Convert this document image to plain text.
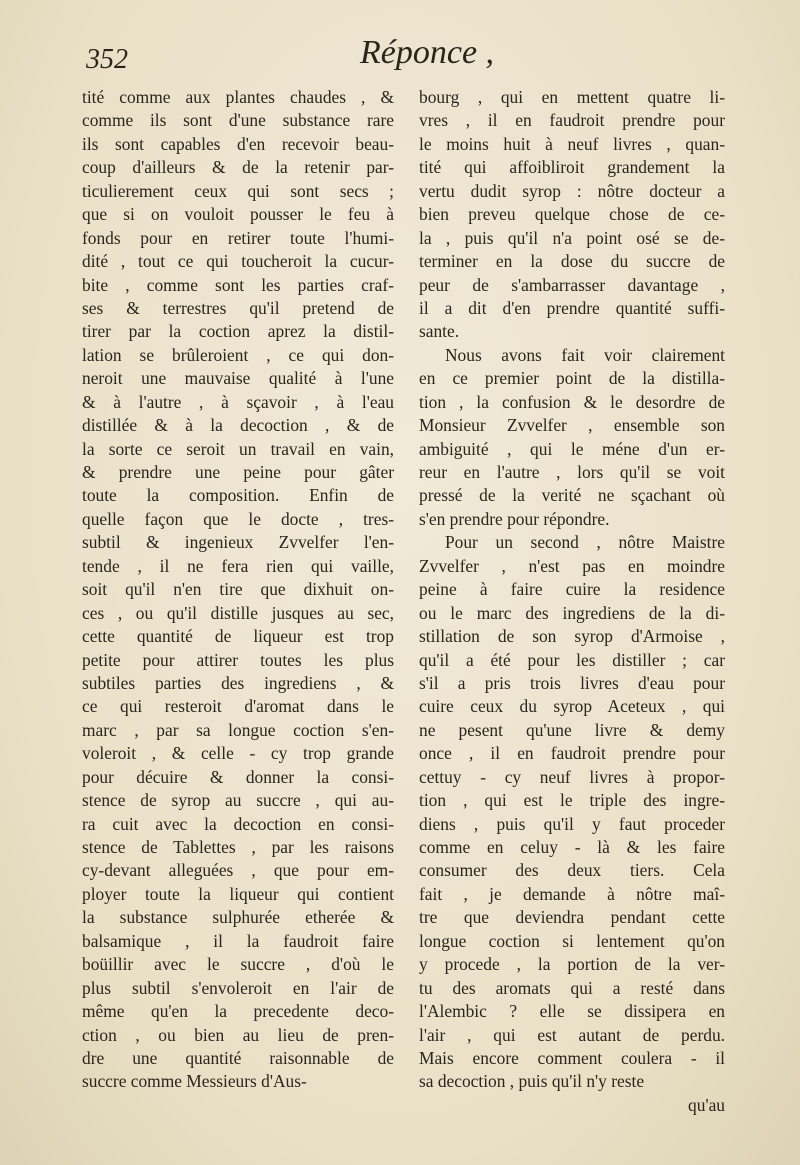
352	Réponce ,
tité comme aux plantes chaudes , &
comme ils sont d'une substance rare
ils sont capables d'en recevoir beau-
coup d'ailleurs & de la retenir par-
ticulierement ceux qui sont secs ;
que si on vouloit pousser le feu à
fonds pour en retirer toute l'humi-
dité , tout ce qui toucheroit la cucur-
bite , comme sont les parties craf-
ses & terrestres qu'il pretend de
tirer par la coction aprez la distil-
lation se brûleroient , ce qui don-
neroit une mauvaise qualité à l'une
& à l'autre , à sçavoir , à l'eau
distillée & à la decoction , & de
la sorte ce seroit un travail en vain,
& prendre une peine pour gâter
toute la composition. Enfin de
quelle façon que le docte , tres-
subtil & ingenieux Zvvelfer l'en-
tende , il ne fera rien qui vaille,
soit qu'il n'en tire que dixhuit on-
ces , ou qu'il distille jusques au sec,
cette quantité de liqueur est trop
petite pour attirer toutes les plus
subtiles parties des ingrediens , &
ce qui resteroit d'aromat dans le
marc , par sa longue coction s'en-
voleroit , & celle - cy trop grande
pour décuire & donner la consi-
stence de syrop au succre , qui au-
ra cuit avec la decoction en consi-
stence de Tablettes , par les raisons
cy-devant alleguées , que pour em-
ployer toute la liqueur qui contient
la substance sulphurée etherée &
balsamique , il la faudroit faire
boüillir avec le succre , d'où le
plus subtil s'envoleroit en l'air de
même qu'en la precedente deco-
ction , ou bien au lieu de pren-
dre une quantité raisonnable de
succre comme Messieurs d'Aus-
bourg , qui en mettent quatre li-
vres , il en faudroit prendre pour
le moins huit à neuf livres , quan-
tité qui affoibliroit grandement la
vertu dudit syrop : nôtre docteur a
bien preveu quelque chose de ce-
la , puis qu'il n'a point osé se de-
terminer en la dose du succre de
peur de s'ambarrasser davantage ,
il a dit d'en prendre quantité suffi-
sante.
Nous avons fait voir clairement
en ce premier point de la distilla-
tion , la confusion & le desordre de
Monsieur Zvvelfer , ensemble son
ambiguité , qui le méne d'un er-
reur en l'autre , lors qu'il se voit
pressé de la verité ne sçachant où
s'en prendre pour répondre.
Pour un second , nôtre Maistre
Zvvelfer , n'est pas en moindre
peine à faire cuire la residence
ou le marc des ingrediens de la di-
stillation de son syrop d'Armoise ,
qu'il a été pour les distiller ; car
s'il a pris trois livres d'eau pour
cuire ceux du syrop Aceteux , qui
ne pesent qu'une livre & demy
once , il en faudroit prendre pour
cettuy - cy neuf livres à propor-
tion , qui est le triple des ingre-
diens , puis qu'il y faut proceder
comme en celuy - là & les faire
consumer des deux tiers. Cela
fait , je demande à nôtre maî-
tre que deviendra pendant cette
longue coction si lentement qu'on
y procede , la portion de la ver-
tu des aromats qui a resté dans
l'Alembic ? elle se dissipera en
l'air , qui est autant de perdu.
Mais encore comment coulera - il
sa decoction , puis qu'il n'y reste
qu'au
